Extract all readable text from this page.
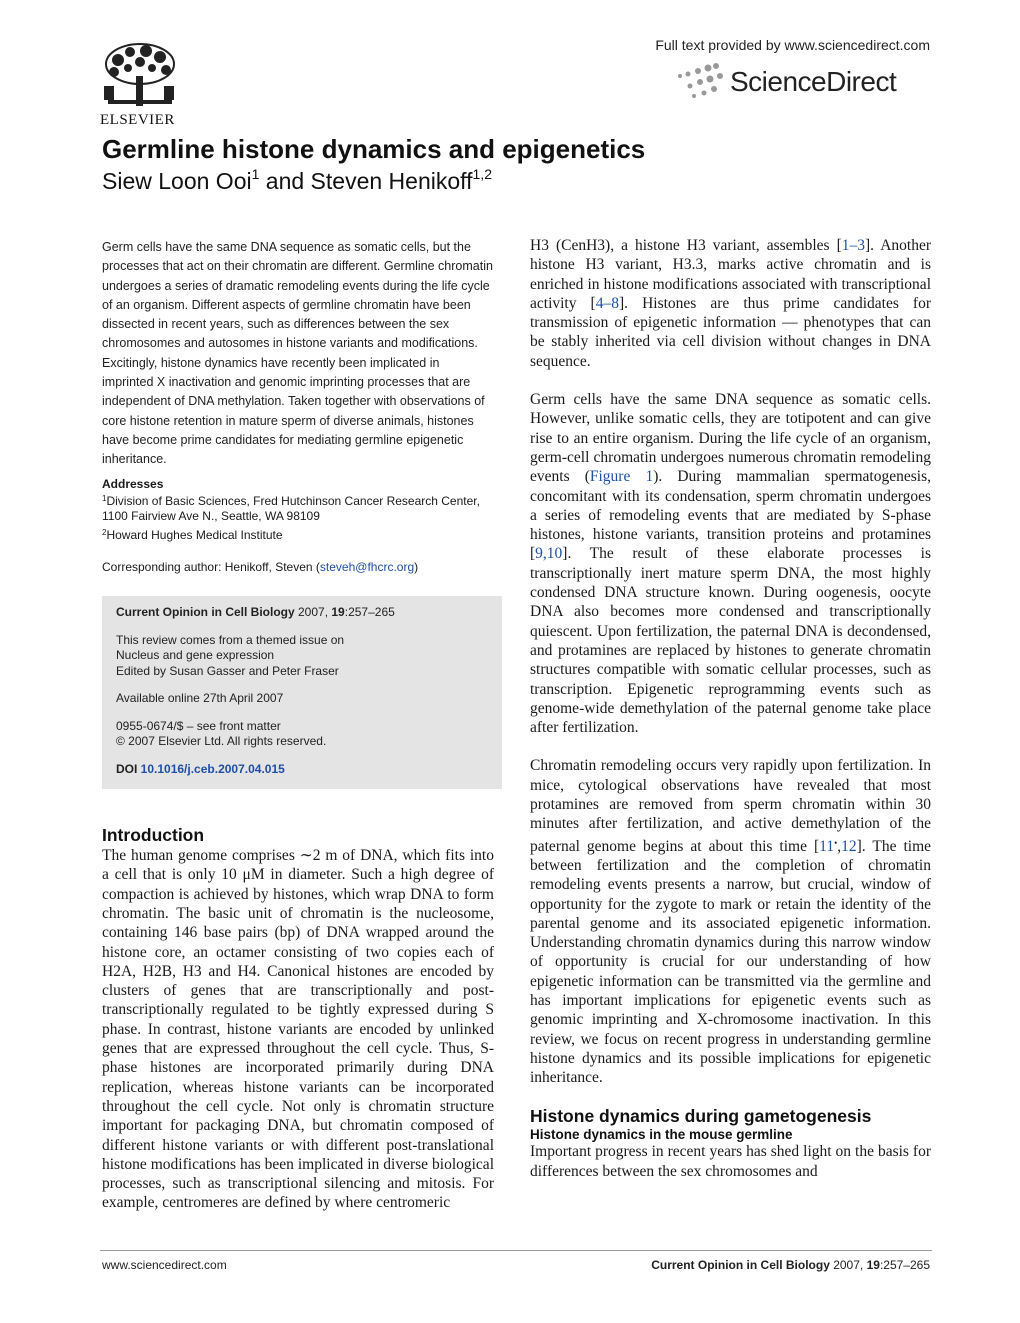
ELSEVIER
Full text provided by www.sciencedirect.com
ScienceDirect
Germline histone dynamics and epigenetics
Siew Loon Ooi$^1$ and Steven Henikoff$^{1,2}$

Germ cells have the same DNA sequence as somatic cells, but the processes that act on their chromatin are different. Germline chromatin undergoes a series of dramatic remodeling events during the life cycle of an organism. Different aspects of germline chromatin have been dissected in recent years, such as differences between the sex chromosomes and autosomes in histone variants and modifications. Excitingly, histone dynamics have recently been implicated in imprinted X inactivation and genomic imprinting processes that are independent of DNA methylation. Taken together with observations of core histone retention in mature sperm of diverse animals, histones have become prime candidates for mediating germline epigenetic inheritance.

Addresses
$^1$Division of Basic Sciences, Fred Hutchinson Cancer Research Center, 1100 Fairview Ave N., Seattle, WA 98109
$^2$Howard Hughes Medical Institute
Corresponding author: Henikoff, Steven (steveh@fhcrc.org)

Current Opinion in Cell Biology 2007, 19:257–265

This review comes from a themed issue on
Nucleus and gene expression
Edited by Susan Gasser and Peter Fraser

Available online 27th April 2007

0955-0674/$ – see front matter
© 2007 Elsevier Ltd. All rights reserved.

DOI 10.1016/j.ceb.2007.04.015

Introduction

The human genome comprises ∼2 m of DNA, which fits into a cell that is only 10 μM in diameter. Such a high degree of compaction is achieved by histones, which wrap DNA to form chromatin. The basic unit of chromatin is the nucleosome, containing 146 base pairs (bp) of DNA wrapped around the histone core, an octamer consisting of two copies each of H2A, H2B, H3 and H4. Canonical histones are encoded by clusters of genes that are transcriptionally and post-transcriptionally regulated to be tightly expressed during S phase. In contrast, histone variants are encoded by unlinked genes that are expressed throughout the cell cycle. Thus, S-phase histones are incorporated primarily during DNA replication, whereas histone variants can be incorporated throughout the cell cycle. Not only is chromatin structure important for packaging DNA, but chromatin composed of different histone variants or with different post-translational histone modifications has been implicated in diverse biological processes, such as transcriptional silencing and mitosis. For example, centromeres are defined by where centromeric

H3 (CenH3), a histone H3 variant, assembles [1–3]. Another histone H3 variant, H3.3, marks active chromatin and is enriched in histone modifications associated with transcriptional activity [4–8]. Histones are thus prime candidates for transmission of epigenetic information — phenotypes that can be stably inherited via cell division without changes in DNA sequence.

Germ cells have the same DNA sequence as somatic cells. However, unlike somatic cells, they are totipotent and can give rise to an entire organism. During the life cycle of an organism, germ-cell chromatin undergoes numerous chromatin remodeling events (Figure 1). During mammalian spermatogenesis, concomitant with its condensation, sperm chromatin undergoes a series of remodeling events that are mediated by S-phase histones, histone variants, transition proteins and protamines [9,10]. The result of these elaborate processes is transcriptionally inert mature sperm DNA, the most highly condensed DNA structure known. During oogenesis, oocyte DNA also becomes more condensed and transcriptionally quiescent. Upon fertilization, the paternal DNA is decondensed, and protamines are replaced by histones to generate chromatin structures compatible with somatic cellular processes, such as transcription. Epigenetic reprogramming events such as genome-wide demethylation of the paternal genome take place after fertilization.

Chromatin remodeling occurs very rapidly upon fertilization. In mice, cytological observations have revealed that most protamines are removed from sperm chromatin within 30 minutes after fertilization, and active demethylation of the paternal genome begins at about this time [11•,12]. The time between fertilization and the completion of chromatin remodeling events presents a narrow, but crucial, window of opportunity for the zygote to mark or retain the identity of the parental genome and its associated epigenetic information. Understanding chromatin dynamics during this narrow window of opportunity is crucial for our understanding of how epigenetic information can be transmitted via the germline and has important implications for epigenetic events such as genomic imprinting and X-chromosome inactivation. In this review, we focus on recent progress in understanding germline histone dynamics and its possible implications for epigenetic inheritance.

Histone dynamics during gametogenesis
Histone dynamics in the mouse germline

Important progress in recent years has shed light on the basis for differences between the sex chromosomes and

www.sciencedirect.com	Current Opinion in Cell Biology 2007, 19:257–265
